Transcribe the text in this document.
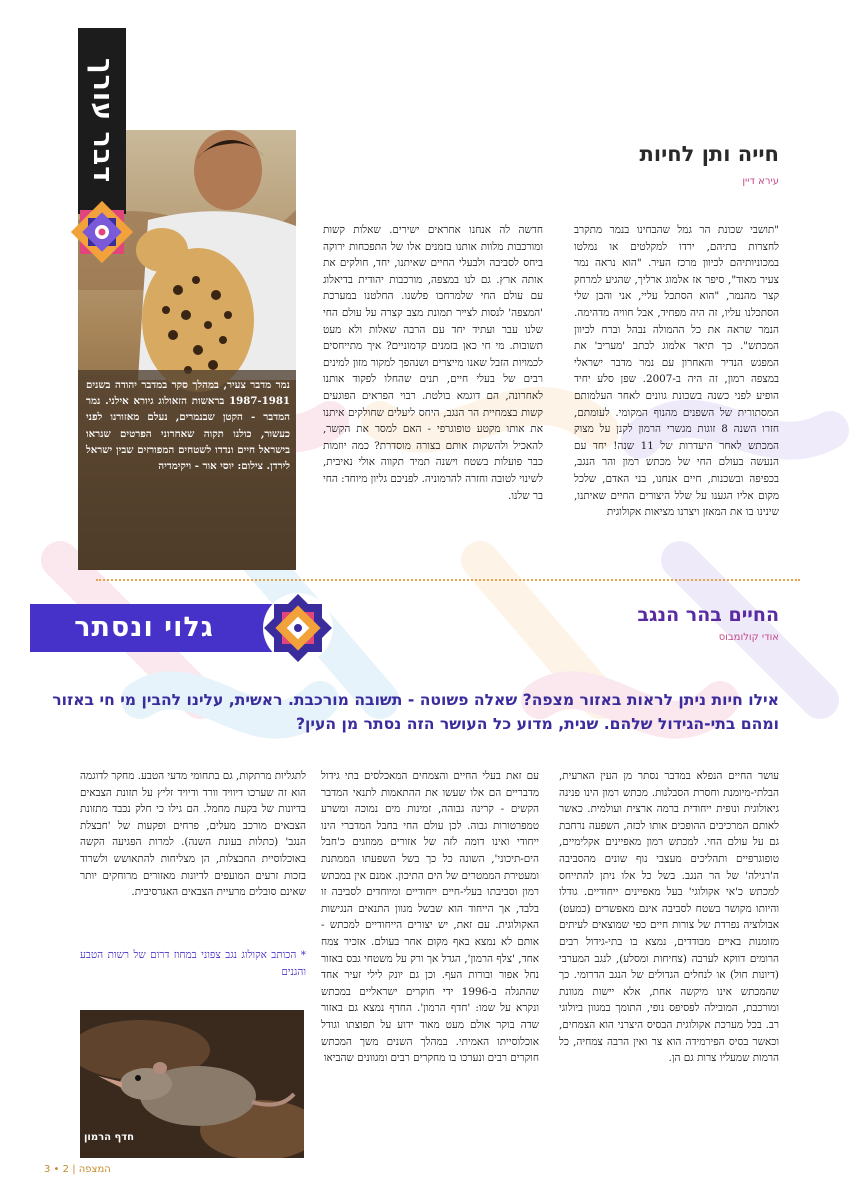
חייה ותן לחיות
עירא דיין

"תושבי שכונת הר גמל שהבחינו בנמר מתקרב לחצרות בתיהם, ירדו למקלטים או נמלטו במכוניותיהם לכיוון מרכז העיר. "הוא נראה נמר צעיר מאוד", סיפר אז אלמוג ארליך, שהגיע למרחק קצר מהנמר, "הוא הסתכל עליי, אני והבן שלי הסתכלנו עליו, זה היה מפחיד, אבל חוויה מדהימה. הנמר שראה את כל ההמולה נבהל וברח לכיוון המכתש". כך תיאר אלמוג לכתב 'מעריב' את המפגש הנדיר והאחרון עם נמר מדבר ישראלי במצפה רמון, זה היה ב-2007. שפן סלע יחיד הופיע לפני כשנה בשכונת גוונים לאחר העלמותם המסתורית של השפנים מהנוף המקומי. לעומתם, חזרו השנה 8 זוגות מגשרי הרמון לקנן על מצוק המכתש לאחר היעדרות של 11 שנה! יחד עם הנעשה בעולם החי של מכתש רמון והר הנגב, בכפיפה ובשכנות, חיים אנחנו, בני האדם, שלכל מקום אליו הגענו על שלל היצורים החיים שאיתנו, שינינו בו את המאזן ויצרנו מציאות אקולוגית

חדשה לה אנחנו אחראים ישירים. שאלות קשות ומורכבות מלוות אותנו בזמנים אלו של התפכחות ירוקה ביחס לסביבה ולבעלי החיים שאיתנו, יחד, חולקים את אותה ארץ. גם לנו במצפה, מורכבות יהודית בדיאלוג עם עולם החי שלמרחבו פלשנו. החלטנו במערכת 'המצפה' לנסות לצייר תמונת מצב קצרה על עולם החי שלנו עבר ועתיד יחד עם הרבה שאלות ולא מעט תשובות. מי חי כאן בזמנים קדמוניים? איך מתייחסים לכמויות הזבל שאנו מייצרים ושנהפך למקור מזון למינים רבים של בעלי חיים, תנים שהחלו לפקוד אותנו לאחרונה, הם דוגמא בולטת. רבוי הפראים הפוגעים קשות בצמחיית הר הנגב, היחס ליעלים שחולקים איתנו את אותו מקטע טופוגרפי - האם למסר את הקשר, להאכיל ולהשקות אותם בצורה מוסדרת? כמה יוזמות כבר פועלות בשטח וישנה תמיד תקווה אולי נאיבית, לשינוי לטובה וחזרה להרמוניה. לפניכם גליון מיוחד: החי בר שלנו.

נמר מדבר צעיר, במהלך סקר במדבר יהודה בשנים 1987-1981 בראשות הזאולוג גיורא אילני. נמר המדבר - הקטן שבנמרים, נעלם מאזורנו לפני כעשור, כולנו תקוה שאחרוני הפרטים שנראו בישראל חיים ונדדו לשטחים המפורזים שבין ישראל לירדן. צילום: יוסי אור - ויקימדיה
דבר עורך
גלוי ונסתר	החיים בהר הנגב
אודי קולומבוס
אילו חיות ניתן לראות באזור מצפה? שאלה פשוטה - תשובה מורכבת. ראשית, עלינו להבין מי חי באזור ומהם בתי-הגידול שלהם. שנית, מדוע כל העושר הזה נסתר מן העין?

עושר החיים הנפלא במדבר נסתר מן העין הארעית, הבלתי-מיומנת וחסרת הסבלנות. מכתש רמון הינו פנינה גיאולוגית ונופית ייחודית ברמה ארצית ועולמית. כאשר לאותם המרכיבים ההופכים אותו לכזה, השפעה נרחבת גם על עולם החי. למכתש רמון מאפיינים אקלימיים, טופוגרפיים ותהליכים מעצבי נוף שונים מהסביבה ה'רגילה' של הר הנגב. בשל כל אלו ניתן להתייחס למכתש כ'אי אקולוגי' בעל מאפיינים ייחודיים. גודלו והיותו מקושר בשטח לסביבה אינם מאפשרים (כמעט) אבולוציה נפרדת של צורות חיים כפי שמוצאים לעיתים מזומנות באיים מבודדים, נמצא בו בתי-גידול רבים הרומים דווקא לערבה (צחיחות ומסלע), לנגב המערבי (דיונות חול) או לנחלים הגדולים של הנגב הדרומי. כך שהמכתש אינו מיקשה אחת, אלא יישות מגוונת ומורכבת, המובילה לפסיפס נופי, התומך במגוון ביולוגי רב. בכל מערכת אקולוגית הבסיס היצרני הוא הצמחים, וכאשר בסיס הפירמידה הוא צר ואין הרבה צמחיה, כל הרמות שמעליו צרות גם הן.

עם זאת בעלי החיים והצמחים המאכלסים בתי גידול מדבריים הם אלו שעשו את ההתאמות לתנאי המדבר הקשים - קרינה גבוהה, זמינות מים נמוכה ומשרע טמפרטורות גבוה. לכן עולם החי בחבל המדברי הינו ייחודי ואינו דומה לזה של אזורים ממוזגים כ'חבל הים-תיכוני', השונה כל כך בשל השפעתו הממתנת ומעטירת הממטרים של הים התיכון. אמנם אין במכתש רמון וסביבתו בעלי-חיים ייחודיים ומיוחדים לסביבה זו בלבד, אך הייחוד הוא שבשל מגוון התנאים הנגישות האקולוגית. עם זאת, יש יצורים הייחודיים למכתש - אותם לא נמצא באף מקום אחר בעולם. אזכיר צמח אחד, 'צלף הרמון', הגדל אך ורק על משטחי גבס באזור נחל אפור ובורות העף. וכן גם יונק לילי זעיר אחד שהתגלה ב-1996 ידי חוקרים ישראליים במכתש ונקרא על שמו: 'חדף הרמון'. החדף נמצא גם באזור שדה בוקר אולם מעט מאוד ידוע על תפוצתו וגודל אוכלוסייתו האמיתי. במהלך השנים משך המכתש חוקרים רבים ונערכו בו מחקרים רבים ומגוונים שהביאו

לתגליות מרתקות, גם בתחומי מדעי הטבע. מחקר לדוגמה הוא זה שערכו דיוויד וורד ודיויד זליץ על תזונת הצבאים בדיונות של בקעת מחמל. הם גילו כי חלק נכבד מתזונת הצבאים מורכב מעלים, פרחים ופקעות של 'חבצלת הנגב' (כתלות בעונת השנה). למרות הפגיעה הקשה באוכלוסיית החבצלות, הן מצליחות להתאושש ולשרוד בזכות זרעים המועפים לדיונות מאזורים מרוחקים יותר שאינם סובלים מרעיית הצבאים האגרסיבית.

* הכותב אקולוג נגב צפוני במחוז דרום של רשות הטבע והגנים
חדף הרמון
המצפה | 2 • 3
